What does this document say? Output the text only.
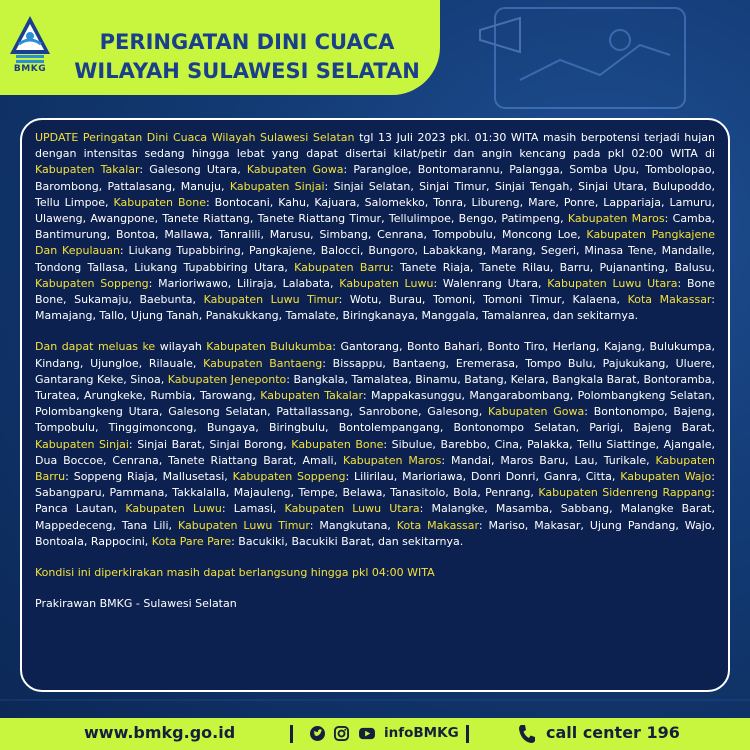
BMKG
PERINGATAN DINI CUACA
WILAYAH SULAWESI SELATAN

UPDATE Peringatan Dini Cuaca Wilayah Sulawesi Selatan tgl 13 Juli 2023 pkl. 01:30 WITA masih berpotensi terjadi hujan dengan intensitas sedang hingga lebat yang dapat disertai kilat/petir dan angin kencang pada pkl 02:00 WITA di Kabupaten Takalar: Galesong Utara, Kabupaten Gowa: Parangloe, Bontomarannu, Palangga, Somba Upu, Tombolopao, Barombong, Pattalasang, Manuju, Kabupaten Sinjai: Sinjai Selatan, Sinjai Timur, Sinjai Tengah, Sinjai Utara, Bulupoddo, Tellu Limpoe, Kabupaten Bone: Bontocani, Kahu, Kajuara, Salomekko, Tonra, Libureng, Mare, Ponre, Lappariaja, Lamuru, Ulaweng, Awangpone, Tanete Riattang, Tanete Riattang Timur, Tellulimpoe, Bengo, Patimpeng, Kabupaten Maros: Camba, Bantimurung, Bontoa, Mallawa, Tanralili, Marusu, Simbang, Cenrana, Tompobulu, Moncong Loe, Kabupaten Pangkajene Dan Kepulauan: Liukang Tupabbiring, Pangkajene, Balocci, Bungoro, Labakkang, Marang, Segeri, Minasa Tene, Mandalle, Tondong Tallasa, Liukang Tupabbiring Utara, Kabupaten Barru: Tanete Riaja, Tanete Rilau, Barru, Pujananting, Balusu, Kabupaten Soppeng: Marioriwawo, Liliraja, Lalabata, Kabupaten Luwu: Walenrang Utara, Kabupaten Luwu Utara: Bone Bone, Sukamaju, Baebunta, Kabupaten Luwu Timur: Wotu, Burau, Tomoni, Tomoni Timur, Kalaena, Kota Makassar: Mamajang, Tallo, Ujung Tanah, Panakukkang, Tamalate, Biringkanaya, Manggala, Tamalanrea, dan sekitarnya.

Dan dapat meluas ke wilayah Kabupaten Bulukumba: Gantorang, Bonto Bahari, Bonto Tiro, Herlang, Kajang, Bulukumpa, Kindang, Ujungloe, Rilauale, Kabupaten Bantaeng: Bissappu, Bantaeng, Eremerasa, Tompo Bulu, Pajukukang, Uluere, Gantarang Keke, Sinoa, Kabupaten Jeneponto: Bangkala, Tamalatea, Binamu, Batang, Kelara, Bangkala Barat, Bontoramba, Turatea, Arungkeke, Rumbia, Tarowang, Kabupaten Takalar: Mappakasunggu, Mangarabombang, Polombangkeng Selatan, Polombangkeng Utara, Galesong Selatan, Pattallassang, Sanrobone, Galesong, Kabupaten Gowa: Bontonompo, Bajeng, Tompobulu, Tinggimoncong, Bungaya, Biringbulu, Bontolempangang, Bontonompo Selatan, Parigi, Bajeng Barat, Kabupaten Sinjai: Sinjai Barat, Sinjai Borong, Kabupaten Bone: Sibulue, Barebbo, Cina, Palakka, Tellu Siattinge, Ajangale, Dua Boccoe, Cenrana, Tanete Riattang Barat, Amali, Kabupaten Maros: Mandai, Maros Baru, Lau, Turikale, Kabupaten Barru: Soppeng Riaja, Mallusetasi, Kabupaten Soppeng: Lilirilau, Marioriawa, Donri Donri, Ganra, Citta, Kabupaten Wajo: Sabangparu, Pammana, Takkalalla, Majauleng, Tempe, Belawa, Tanasitolo, Bola, Penrang, Kabupaten Sidenreng Rappang: Panca Lautan, Kabupaten Luwu: Lamasi, Kabupaten Luwu Utara: Malangke, Masamba, Sabbang, Malangke Barat, Mappedeceng, Tana Lili, Kabupaten Luwu Timur: Mangkutana, Kota Makassar: Mariso, Makasar, Ujung Pandang, Wajo, Bontoala, Rappocini, Kota Pare Pare: Bacukiki, Bacukiki Barat, dan sekitarnya.

Kondisi ini diperkirakan masih dapat berlangsung hingga pkl 04:00 WITA

Prakirawan BMKG - Sulawesi Selatan

www.bmkg.go.id	infoBMKG	call center 196
